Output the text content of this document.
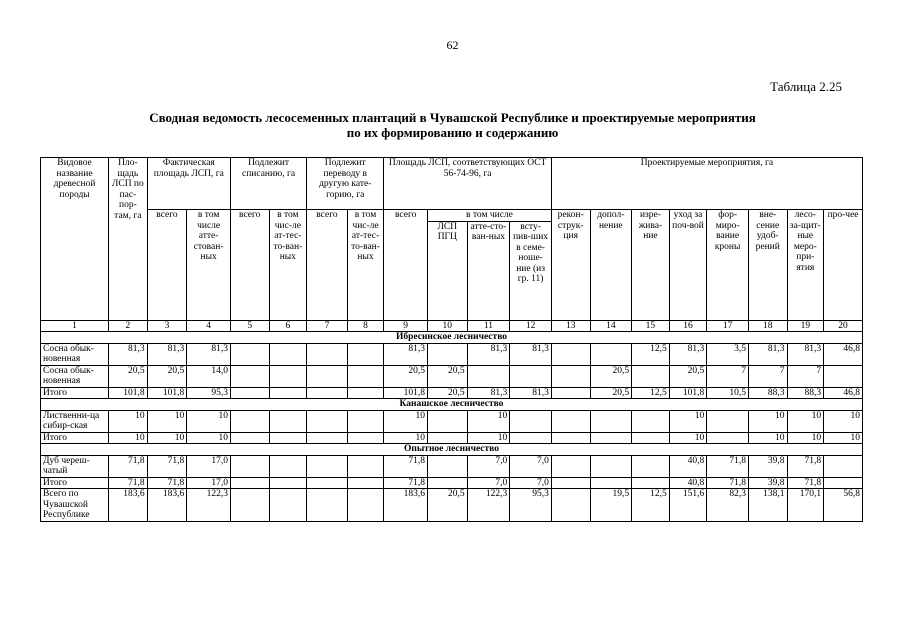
62
Таблица 2.25
Сводная ведомость лесосеменных плантаций в Чувашской Республике и проектируемые мероприятия
по их формированию и содержанию
Видовое название древесной породы	Пло-щадь ЛСП по пас-пор-там, га	Фактическая площадь ЛСП, га		Подлежит списанию, га		Подлежит переводу в другую кате-горию, га		Площадь ЛСП, соответствующих ОСТ 56-74-96, га				Проектируемые мероприятия, га							
		всего	в том числе атте-стован-ных	всего	в том чис-ле ат-тес-то-ван-ных	всего	в том чис-ле ат-тес-то-ван-ных	всего	в том числе			рекон-струк-ция	допол-нение	изре-жива-ние	уход за поч-вой	фор-миро-вание кроны	вне-сение удоб-рений	лесо-за-щит-ные меро-при-ятия	про-чее
									ЛСП ПГЦ	атте-сто-ван-ных	всту-пив-ших в семе-ноше-ние (из гр. 11)								
1	2	3	4	5	6	7	8	9	10	11	12	13	14	15	16	17	18	19	20
Ибресинское лесничество																			
Сосна обык-новенная	81,3	81,3	81,3					81,3		81,3	81,3			12,5	81,3	3,5	81,3	81,3	46,8
Сосна обык-новенная	20,5	20,5	14,0					20,5	20,5				20,5		20,5	7	7	7	
Итого	101,8	101,8	95,3					101,8	20,5	81,3	81,3		20,5	12,5	101,8	10,5	88,3	88,3	46,8
Канашское лесничество																			
Лиственни-ца сибир-ская	10	10	10					10		10					10		10	10	10
Итого	10	10	10					10		10					10		10	10	10
Опытное лесничество																			
Дуб череш-чатый	71,8	71,8	17,0					71,8		7,0	7,0				40,8	71,8	39,8	71,8	
Итого	71,8	71,8	17,0					71,8		7,0	7,0				40,8	71,8	39,8	71,8	
Всего по Чувашской Республике	183,6	183,6	122,3					183,6	20,5	122,3	95,3		19,5	12,5	151,6	82,3	138,1	170,1	56,8
